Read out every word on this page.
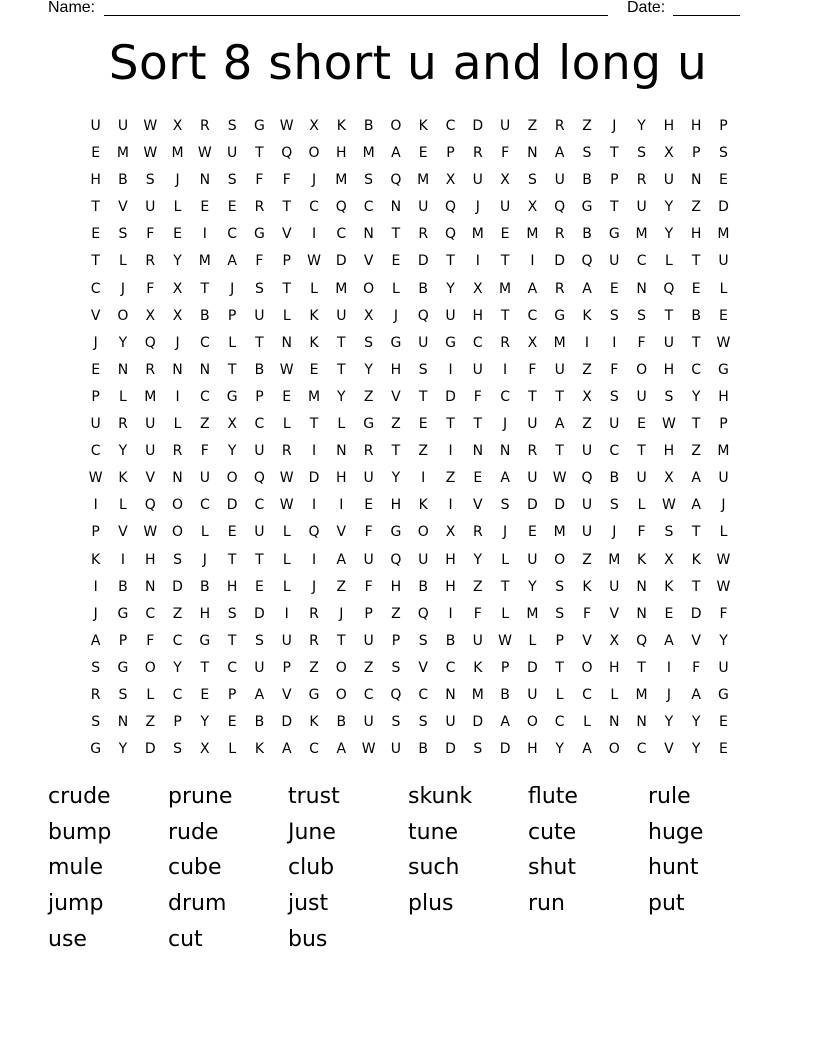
Name:	Date:
Sort 8 short u and long u
U	U	W	X	R	S	G	W	X	K	B	O	K	C	D	U	Z	R	Z	J	Y	H	H	P
E	M	W	M	W	U	T	Q	O	H	M	A	E	P	R	F	N	A	S	T	S	X	P	S
H	B	S	J	N	S	F	F	J	M	S	Q	M	X	U	X	S	U	B	P	R	U	N	E
T	V	U	L	E	E	R	T	C	Q	C	N	U	Q	J	U	X	Q	G	T	U	Y	Z	D
E	S	F	E	I	C	G	V	I	C	N	T	R	Q	M	E	M	R	B	G	M	Y	H	M
T	L	R	Y	M	A	F	P	W	D	V	E	D	T	I	T	I	D	Q	U	C	L	T	U
C	J	F	X	T	J	S	T	L	M	O	L	B	Y	X	M	A	R	A	E	N	Q	E	L
V	O	X	X	B	P	U	L	K	U	X	J	Q	U	H	T	C	G	K	S	S	T	B	E
J	Y	Q	J	C	L	T	N	K	T	S	G	U	G	C	R	X	M	I	I	F	U	T	W
E	N	R	N	N	T	B	W	E	T	Y	H	S	I	U	I	F	U	Z	F	O	H	C	G
P	L	M	I	C	G	P	E	M	Y	Z	V	T	D	F	C	T	T	X	S	U	S	Y	H
U	R	U	L	Z	X	C	L	T	L	G	Z	E	T	T	J	U	A	Z	U	E	W	T	P
C	Y	U	R	F	Y	U	R	I	N	R	T	Z	I	N	N	R	T	U	C	T	H	Z	M
W	K	V	N	U	O	Q	W	D	H	U	Y	I	Z	E	A	U	W	Q	B	U	X	A	U
I	L	Q	O	C	D	C	W	I	I	E	H	K	I	V	S	D	D	U	S	L	W	A	J
P	V	W	O	L	E	U	L	Q	V	F	G	O	X	R	J	E	M	U	J	F	S	T	L
K	I	H	S	J	T	T	L	I	A	U	Q	U	H	Y	L	U	O	Z	M	K	X	K	W
I	B	N	D	B	H	E	L	J	Z	F	H	B	H	Z	T	Y	S	K	U	N	K	T	W
J	G	C	Z	H	S	D	I	R	J	P	Z	Q	I	F	L	M	S	F	V	N	E	D	F
A	P	F	C	G	T	S	U	R	T	U	P	S	B	U	W	L	P	V	X	Q	A	V	Y
S	G	O	Y	T	C	U	P	Z	O	Z	S	V	C	K	P	D	T	O	H	T	I	F	U
R	S	L	C	E	P	A	V	G	O	C	Q	C	N	M	B	U	L	C	L	M	J	A	G
S	N	Z	P	Y	E	B	D	K	B	U	S	S	U	D	A	O	C	L	N	N	Y	Y	E
G	Y	D	S	X	L	K	A	C	A	W	U	B	D	S	D	H	Y	A	O	C	V	Y	E
crude	prune	trust	skunk	flute	rule
bump	rude	June	tune	cute	huge
mule	cube	club	such	shut	hunt
jump	drum	just	plus	run	put
use	cut	bus
